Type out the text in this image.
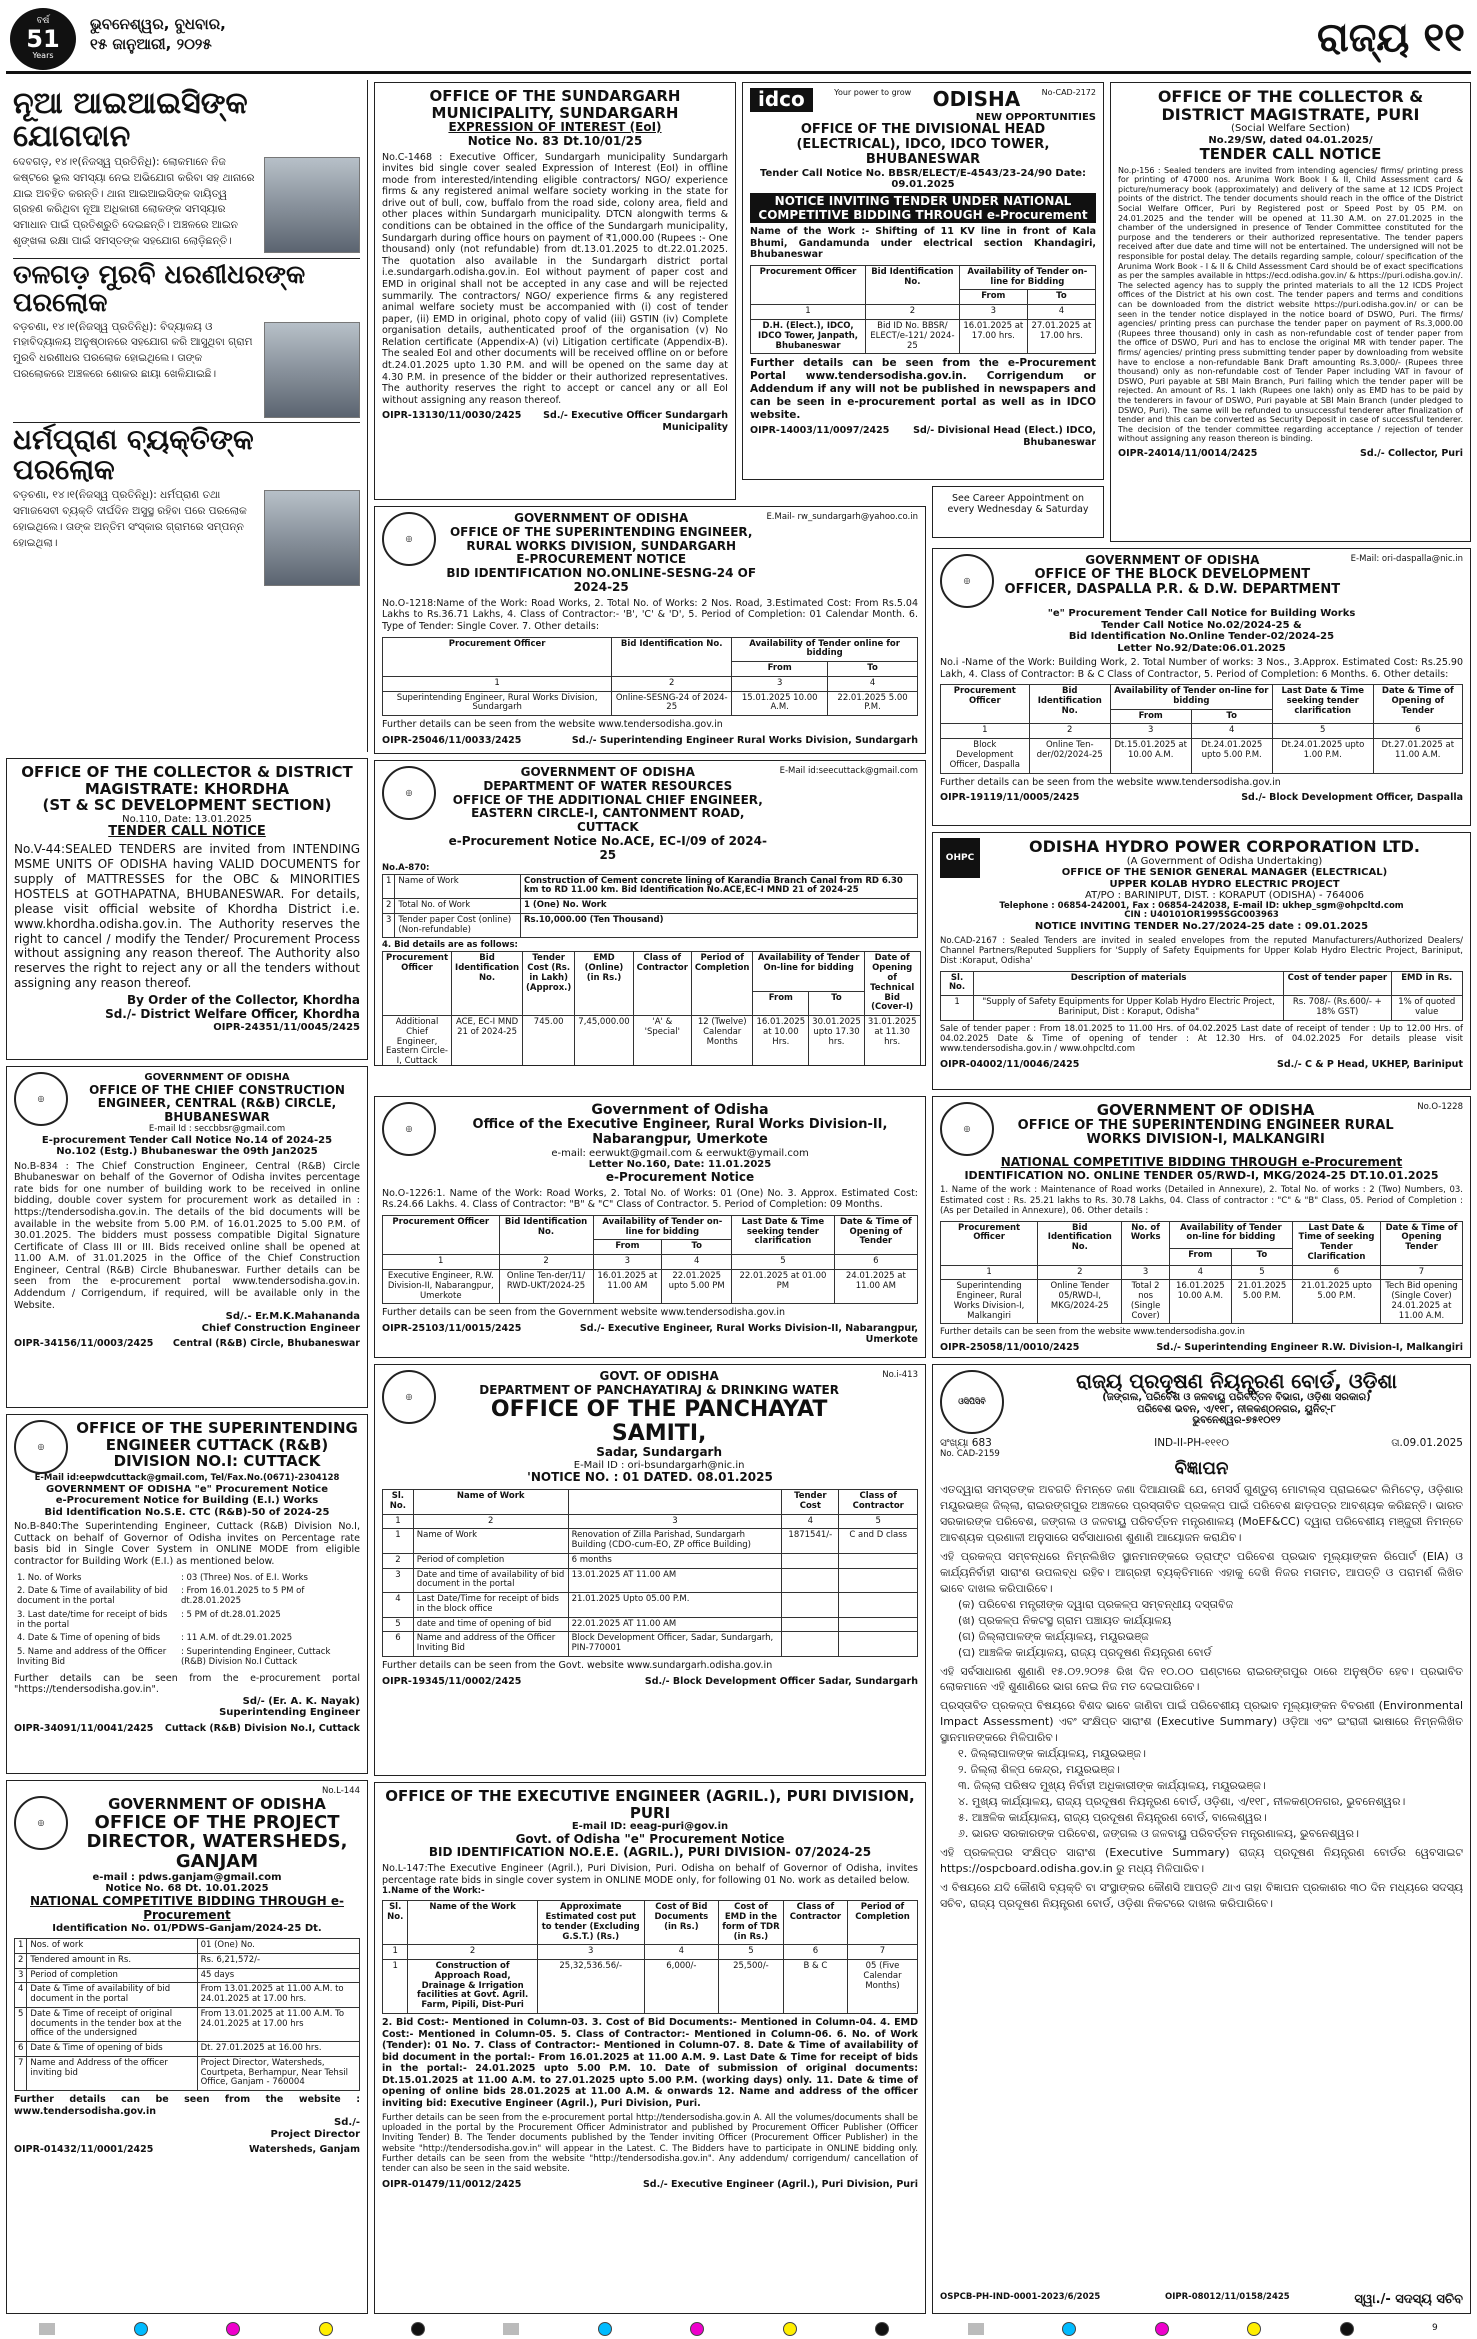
ବର୍ଷ
51
Years
ଭୁବନେଶ୍ୱର, ବୁଧବାର,
୧୫ ଜାନୁଆରୀ, ୨୦୨୫	ରାଜ୍ୟ ୧୧
ନୂଆ ଆଇଆଇସିଙ୍କ ଯୋଗଦାନ
ଦେବଗଡ଼, ୧୪।୧(ନିଜସ୍ୱ ପ୍ରତିନିଧି): ଲୋକମାନେ ନିଜ କଷ୍ଟରେ ଭୂଲ ସମସ୍ୟା ନେଇ ଅଭିଯୋଗ କରିବା ସହ ଥାନାରେ ଯାଇ ଅବହିତ କରନ୍ତି। ଥାନା ଆଇଆଇସିଙ୍କ ଦାୟିତ୍ୱ ଗ୍ରହଣ କରିଥିବା ନୂଆ ଅଧିକାରୀ ଲୋକଙ୍କ ସମସ୍ୟାର ସମାଧାନ ପାଇଁ ପ୍ରତିଶ୍ରୁତି ଦେଇଛନ୍ତି। ଅଞ୍ଚଳରେ ଆଇନ ଶୃଙ୍ଖଳା ରକ୍ଷା ପାଇଁ ସମସ୍ତଙ୍କ ସହଯୋଗ ଲୋଡ଼ିଛନ୍ତି।
ତଳଗଡ଼ ମୁରବି ଧରଣୀଧରଙ୍କ ପରଲୋକ
ବଡ଼ଚଣା, ୧୪।୧(ନିଜସ୍ୱ ପ୍ରତିନିଧି): ବିଦ୍ୟାଳୟ ଓ ମହାବିଦ୍ୟାଳୟ ଅନୁଷ୍ଠାନରେ ସହଯୋଗ କରି ଆସୁଥିବା ଗ୍ରାମ ମୁରବି ଧରଣୀଧର ପରଲୋକ ହୋଇଥିଲେ। ତାଙ୍କ ପରଲୋକରେ ଅଞ୍ଚଳରେ ଶୋକର ଛାୟା ଖେଳିଯାଇଛି।
ଧର୍ମପ୍ରାଣ ବ୍ୟକ୍ତିଙ୍କ ପରଲୋକ
ବଡ଼ଚଣା, ୧୪।୧(ନିଜସ୍ୱ ପ୍ରତିନିଧି): ଧର୍ମପ୍ରାଣ ତଥା ସମାଜସେବୀ ବ୍ୟକ୍ତି ଦୀର୍ଘଦିନ ଅସୁସ୍ଥ ରହିବା ପରେ ପରଲୋକ ହୋଇଥିଲେ। ତାଙ୍କ ଅନ୍ତିମ ସଂସ୍କାର ଗ୍ରାମରେ ସମ୍ପନ୍ନ ହୋଇଥିଲା।
OFFICE OF THE SUNDARGARH MUNICIPALITY, SUNDARGARH
EXPRESSION OF INTEREST (EoI)
Notice No. 83 Dt.10/01/25
No.C-1468 : Executive Officer, Sundargarh municipality Sundargarh invites bid single cover sealed Expression of Interest (EoI) in offline mode from interested/intending eligible contractors/ NGO/ experience firms & any registered animal welfare society working in the state for drive out of bull, cow, buffalo from the road side, colony area, field and other places within Sundargarh municipality. DTCN alongwith terms & conditions can be obtained in the office of the Sundargarh municipality, Sundargarh during office hours on payment of ₹1,000.00 (Rupees :- One thousand) only (not refundable) from dt.13.01.2025 to dt.22.01.2025. The quotation also available in the Sundargarh district portal i.e.sundargarh.odisha.gov.in. EoI without payment of paper cost and EMD in original shall not be accepted in any case and will be rejected summarily. The contractors/ NGO/ experience firms & any registered animal welfare society must be accompanied with (i) cost of tender paper, (ii) EMD in original, photo copy of valid (iii) GSTIN (iv) Complete organisation details, authenticated proof of the organisation (v) No Relation certificate (Appendix-A) (vi) Litigation certificate (Appendix-B). The sealed EoI and other documents will be received offline on or before dt.24.01.2025 upto 1.30 P.M. and will be opened on the same day at 4.30 P.M. in presence of the bidder or their authorized representatives. The authority reserves the right to accept or cancel any or all EoI without assigning any reason thereof.
OIPR-13130/11/0030/2425	Sd./- Executive Officer Sundargarh Municipality
idco	Your power to grow ODISHA	No-CAD-2172
NEW OPPORTUNITIES
OFFICE OF THE DIVISIONAL HEAD (ELECTRICAL), IDCO, IDCO TOWER, BHUBANESWAR
Tender Call Notice No. BBSR/ELECT/E-4543/23-24/90 Date: 09.01.2025
NOTICE INVITING TENDER UNDER NATIONAL COMPETITIVE BIDDING THROUGH e-Procurement
Name of the Work :- Shifting of 11 KV line in front of Kala Bhumi, Gandamunda under electrical section Khandagiri, Bhubaneswar
Procurement Officer	Bid Identification No.	Availability of Tender on-line for Bidding	
		From	To
1	2	3	4
D.H. (Elect.), IDCO, IDCO Tower, Janpath, Bhubaneswar	Bid ID No. BBSR/ ELECT/e-121/ 2024-25	16.01.2025 at 17.00 hrs.	27.01.2025 at 17.00 hrs.
Further details can be seen from the e-Procurement Portal www.tendersodisha.gov.in. Corrigendum or Addendum if any will not be published in newspapers and can be seen in e-procurement portal as well as in IDCO website.
OIPR-14003/11/0097/2425	Sd/- Divisional Head (Elect.) IDCO, Bhubaneswar
See Career Appointment on every Wednesday & Saturday
OFFICE OF THE COLLECTOR & DISTRICT MAGISTRATE, PURI
(Social Welfare Section)
No.29/SW, dated 04.01.2025/
TENDER CALL NOTICE
No.p-156 : Sealed tenders are invited from intending agencies/ firms/ printing press for printing of 47000 nos. Arunima Work Book I & II, Child Assessment card & picture/numeracy book (approximately) and delivery of the same at 12 ICDS Project points of the district. The tender documents should reach in the office of the District Social Welfare Officer, Puri by Registered post or Speed Post by 05 P.M. on 24.01.2025 and the tender will be opened at 11.30 A.M. on 27.01.2025 in the chamber of the undersigned in presence of Tender Committee constituted for the purpose and the tenderers or their authorized representative. The tender papers received after due date and time will not be entertained. The undersigned will not be responsible for postal delay. The details regarding sample, colour/ specification of the Arunima Work Book - I & II & Child Assessment Card should be of exact specifications as per the samples available in https://ecd.odisha.gov.in/ & https://puri.odisha.gov.in/. The selected agency has to supply the printed materials to all the 12 ICDS Project offices of the District at his own cost. The tender papers and terms and conditions can be downloaded from the district website https://puri.odisha.gov.in/ or can be seen in the tender notice displayed in the notice board of DSWO, Puri. The firms/ agencies/ printing press can purchase the tender paper on payment of Rs.3,000.00 (Rupees three thousand) only in cash as non-refundable cost of tender paper from the office of DSWO, Puri and has to enclose the original MR with tender paper. The firms/ agencies/ printing press submitting tender paper by downloading from website have to enclose a non-refundable Bank Draft amounting Rs.3,000/- (Rupees three thousand) only as non-refundable cost of Tender Paper including VAT in favour of DSWO, Puri payable at SBI Main Branch, Puri failing which the tender paper will be rejected. An amount of Rs. 1 lakh (Rupees one lakh) only as EMD has to be paid by the tenderers in favour of DSWO, Puri payable at SBI Main Branch (under pledged to DSWO, Puri). The same will be refunded to unsuccessful tenderer after finalization of tender and this can be converted as Security Deposit in case of successful tenderer. The decision of the tender committee regarding acceptance / rejection of tender without assigning any reason thereon is binding.
OIPR-24014/11/0014/2425	Sd./- Collector, Puri
◎
GOVERNMENT OF ODISHA
OFFICE OF THE SUPERINTENDING ENGINEER, RURAL WORKS DIVISION, SUNDARGARH
E-PROCUREMENT NOTICE
BID IDENTIFICATION NO.ONLINE-SESNG-24 OF 2024-25
E.Mail- rw_sundargarh@yahoo.co.in
No.O-1218:Name of the Work: Road Works, 2. Total No. of Works: 2 Nos. Road, 3.Estimated Cost: From Rs.5.04 Lakhs to Rs.36.71 Lakhs, 4. Class of Contractor:- 'B', 'C' & 'D', 5. Period of Completion: 01 Calendar Month. 6. Type of Tender: Single Cover. 7. Other details:
Procurement Officer	Bid Identification No.	Availability of Tender online for bidding	
		From	To
1	2	3	4
Superintending Engineer, Rural Works Division, Sundargarh	Online-SESNG-24 of 2024-25	15.01.2025 10.00 A.M.	22.01.2025 5.00 P.M.
Further details can be seen from the website www.tendersodisha.gov.in
OIPR-25046/11/0033/2425	Sd./- Superintending Engineer Rural Works Division, Sundargarh
◎
GOVERNMENT OF ODISHA
OFFICE OF THE BLOCK DEVELOPMENT OFFICER, DASPALLA P.R. & D.W. DEPARTMENT
E-Mail: ori-daspalla@nic.in
"e" Procurement Tender Call Notice for Building Works
Tender Call Notice No.02/2024-25 &
Bid Identification No.Online Tender-02/2024-25
Letter No.92/Date:06.01.2025
No.i -Name of the Work: Building Work, 2. Total Number of works: 3 Nos., 3.Approx. Estimated Cost: Rs.25.90 Lakh, 4. Class of Contractor: B & C Class of Contractor, 5. Period of Completion: 6 Months. 6. Other details:
Procurement Officer	Bid Identification No.	Availability of Tender on-line for bidding		Last Date & Time seeking tender clarification	Date & Time of Opening of Tender
		From	To		
1	2	3	4	5	6
Block Development Officer, Daspalla	Online Ten-der/02/2024-25	Dt.15.01.2025 at 10.00 A.M.	Dt.24.01.2025 upto 5.00 P.M.	Dt.24.01.2025 upto 1.00 P.M.	Dt.27.01.2025 at 11.00 A.M.
Further details can be seen from the website www.tendersodisha.gov.in
OIPR-19119/11/0005/2425	Sd./- Block Development Officer, Daspalla
OFFICE OF THE COLLECTOR & DISTRICT MAGISTRATE: KHORDHA
(ST & SC DEVELOPMENT SECTION)
No.110, Date: 13.01.2025
TENDER CALL NOTICE
No.V-44:SEALED TENDERS are invited from INTENDING MSME UNITS OF ODISHA having VALID DOCUMENTS for supply of MATTRESSES for the OBC & MINORITIES HOSTELS at GOTHAPATNA, BHUBANESWAR. For details, please visit official website of Khordha District i.e. www.khordha.odisha.gov.in. The Authority reserves the right to cancel / modify the Tender/ Procurement Process without assigning any reason thereof. The Authority also reserves the right to reject any or all the tenders without assigning any reason thereof.
By Order of the Collector, Khordha
Sd./- District Welfare Officer, Khordha
OIPR-24351/11/0045/2425
◎
GOVERNMENT OF ODISHA
DEPARTMENT OF WATER RESOURCES
OFFICE OF THE ADDITIONAL CHIEF ENGINEER, EASTERN CIRCLE-I, CANTONMENT ROAD, CUTTACK
e-Procurement Notice No.ACE, EC-I/09 of 2024-25
E-Mail id:seecuttack@gmail.com
No.A-870:
1	Name of Work	Construction of Cement concrete lining of Karandia Branch Canal from RD 6.30 km to RD 11.00 km. Bid Identification No.ACE,EC-I MND 21 of 2024-25
2	Total No. of Work	1 (One) No. Work
3	Tender paper Cost (online) (Non-refundable)	Rs.10,000.00 (Ten Thousand)
4. Bid details are as follows:
Procurement Officer	Bid Identification No.	Tender Cost (Rs. in Lakh) (Approx.)	EMD (Online) (in Rs.)	Class of Contractor	Period of Completion	Availability of Tender On-line for bidding		Date of Opening of Technical Bid (Cover-I)
						From	To	
Additional Chief Engineer, Eastern Circle-I, Cuttack	ACE, EC-I MND 21 of 2024-25	745.00	7,45,000.00	'A' & 'Special'	12 (Twelve) Calendar Months	16.01.2025 at 10.00 Hrs.	30.01.2025 upto 17.30 hrs.	31.01.2025 at 11.30 hrs.
OHPC
ODISHA HYDRO POWER CORPORATION LTD.
(A Government of Odisha Undertaking)
OFFICE OF THE SENIOR GENERAL MANAGER (ELECTRICAL)
UPPER KOLAB HYDRO ELECTRIC PROJECT
AT/PO : BARINIPUT, DIST. : KORAPUT (ODISHA) - 764006
Telephone : 06854-242001, Fax : 06854-242038, E-mail ID: ukhep_sgm@ohpcltd.com
CIN : U40101OR1995SGC003963
NOTICE INVITING TENDER No.27/2024-25 date : 09.01.2025
No.CAD-2167 : Sealed Tenders are invited in sealed envelopes from the reputed Manufacturers/Authorized Dealers/ Channel Partners/Reputed Suppliers for 'Supply of Safety Equipments for Upper Kolab Hydro Electric Project, Bariniput, Dist :Koraput, Odisha'
Sl. No.	Description of materials	Cost of tender paper	EMD in Rs.
1	"Supply of Safety Equipments for Upper Kolab Hydro Electric Project, Bariniput, Dist : Koraput, Odisha"	Rs. 708/- (Rs.600/- + 18% GST)	1% of quoted value
Sale of tender paper : From 18.01.2025 to 11.00 Hrs. of 04.02.2025 Last date of receipt of tender : Up to 12.00 Hrs. of 04.02.2025 Date & Time of opening of tender : At 12.30 Hrs. of 04.02.2025 For details please visit www.tendersodisha.gov.in / www.ohpcltd.com
OIPR-04002/11/0046/2425	Sd./- C & P Head, UKHEP, Bariniput
◎
GOVERNMENT OF ODISHA
OFFICE OF THE CHIEF CONSTRUCTION ENGINEER, CENTRAL (R&B) CIRCLE, BHUBANESWAR
E-mail Id : seccbbsr@gmail.com
E-procurement Tender Call Notice No.14 of 2024-25
No.102 (Estg.) Bhubaneswar the 09th Jan2025
No.B-834 : The Chief Construction Engineer, Central (R&B) Circle Bhubaneswar on behalf of the Governor of Odisha invites percentage rate bids for one number of building work to be received in online bidding, double cover system for procurement work as detailed in : https://tendersodisha.gov.in. The details of the bid documents will be available in the website from 5.00 P.M. of 16.01.2025 to 5.00 P.M. of 30.01.2025. The bidders must possess compatible Digital Signature Certificate of Class III or III. Bids received online shall be opened at 11.00 A.M. of 31.01.2025 in the Office of the Chief Construction Engineer, Central (R&B) Circle Bhubaneswar. Further details can be seen from the e-procurement portal www.tendersodisha.gov.in. Addendum / Corrigendum, if required, will be available only in the Website.
Sd/.- Er.M.K.Mahananda
Chief Construction Engineer
OIPR-34156/11/0003/2425 Central (R&B) Circle, Bhubaneswar
◎
Government of Odisha
Office of the Executive Engineer, Rural Works Division-II, Nabarangpur, Umerkote
e-mail: eerwukt@gmail.com & eerwukt@ymail.com
Letter No.160, Date: 11.01.2025
e-Procurement Notice
No.O-1226:1. Name of the Work: Road Works, 2. Total No. of Works: 01 (One) No. 3. Approx. Estimated Cost: Rs.24.66 Lakhs. 4. Class of Contractor: "B" & "C" Class of Contractor. 5. Period of Completion: 09 Months.
Procurement Officer	Bid Identification No.	Availability of Tender on-line for bidding		Last Date & Time seeking tender clarification	Date & Time of Opening of Tender
		From	To		
1	2	3	4	5	6
Executive Engineer, R.W. Division-II, Nabarangpur, Umerkote	Online Ten-der/11/ RWD-UKT/2024-25	16.01.2025 at 11.00 AM	22.01.2025 upto 5.00 PM	22.01.2025 at 01.00 PM	24.01.2025 at 11.00 AM
Further details can be seen from the Government website www.tendersodisha.gov.in
OIPR-25103/11/0015/2425	Sd./- Executive Engineer, Rural Works Division-II, Nabarangpur, Umerkote
◎
GOVERNMENT OF ODISHA
OFFICE OF THE SUPERINTENDING ENGINEER RURAL WORKS DIVISION-I, MALKANGIRI
No.O-1228
NATIONAL COMPETITIVE BIDDING THROUGH e-Procurement
IDENTIFICATION NO. ONLINE TENDER 05/RWD-I, MKG/2024-25 DT.10.01.2025
1. Name of the work : Maintenance of Road works (Detailed in Annexure), 2. Total No. of works : 2 (Two) Numbers, 03. Estimated cost : Rs. 25.21 lakhs to Rs. 30.78 Lakhs, 04. Class of contractor : "C" & "B" Class, 05. Period of Completion : (As per Detailed in Annexure), 06. Other details :
Procurement Officer	Bid Identification No.	No. of Works	Availability of Tender on-line for bidding		Last Date & Time of seeking Tender Clarification	Date & Time of Opening Tender
			From	To		
1	2	3	4	5	6	7
Superintending Engineer, Rural Works Division-I, Malkangiri	Online Tender 05/RWD-I, MKG/2024-25	Total 2 nos (Single Cover)	16.01.2025 10.00 A.M.	21.01.2025 5.00 P.M.	21.01.2025 upto 5.00 P.M.	Tech Bid opening (Single Cover) 24.01.2025 at 11.00 A.M.
Further details can be seen from the website www.tendersodisha.gov.in
OIPR-25058/11/0010/2425	Sd./- Superintending Engineer R.W. Division-I, Malkangiri
◎
OFFICE OF THE SUPERINTENDING ENGINEER CUTTACK (R&B) DIVISION NO.I: CUTTACK
E-Mail id:eepwdcuttack@gmail.com, Tel/Fax.No.(0671)-2304128
GOVERNMENT OF ODISHA "e" Procurement Notice
e-Procurement Notice for Building (E.I.) Works
Bid Identification No.S.E. CTC (R&B)-50 of 2024-25
No.B-840:The Superintending Engineer, Cuttack (R&B) Division No.I, Cuttack on behalf of Governor of Odisha invites on Percentage rate basis bid in Single Cover System in ONLINE MODE from eligible contractor for Building Work (E.I.) as mentioned below.
1. No. of Works	: 03 (Three) Nos. of E.I. Works
2. Date & Time of availability of bid document in the portal	: From 16.01.2025 to 5 PM of dt.28.01.2025
3. Last date/time for receipt of bids in the portal	: 5 PM of dt.28.01.2025
4. Date & Time of opening of bids	: 11 A.M. of dt.29.01.2025
5. Name and address of the Officer Inviting Bid	: Superintending Engineer, Cuttack (R&B) Division No.I Cuttack
Further details can be seen from the e-procurement portal "https://tendersodisha.gov.in".
Sd/- (Er. A. K. Nayak)
Superintending Engineer
OIPR-34091/11/0041/2425 Cuttack (R&B) Division No.I, Cuttack
◎
GOVT. OF ODISHA
DEPARTMENT OF PANCHAYATIRAJ & DRINKING WATER
OFFICE OF THE PANCHAYAT SAMITI,
Sadar, Sundargarh
E-Mail ID : ori-bsundargarh@nic.in
No.i-413
'NOTICE NO. : 01 DATED. 08.01.2025
Sl. No.	Name of Work		Tender Cost	Class of Contractor
1	2	3	4	5
1	Name of Work	Renovation of Zilla Parishad, Sundargarh Building (CDO-cum-EO, ZP office Building)	1871541/-	C and D class
2	Period of completion	6 months		
3	Date and time of availability of bid document in the portal	13.01.2025 AT 11.00 AM		
4	Last Date/Time for receipt of bids in the block office	21.01.2025 Upto 05.00 P.M.		
5	date and time of opening of bid	22.01.2025 AT 11.00 AM		
6	Name and address of the Officer Inviting Bid	Block Development Officer, Sadar, Sundargarh, PIN-770001		
Further details can be seen from the Govt. website www.sundargarh.odisha.gov.in
OIPR-19345/11/0002/2425	Sd./- Block Development Officer Sadar, Sundargarh
ଓସିପିସିବି
ରାଜ୍ୟ ପ୍ରଦୂଷଣ ନିୟନ୍ତ୍ରଣ ବୋର୍ଡ, ଓଡ଼ିଶା
(ଜଙ୍ଗଲ, ପରିବେଶ ଓ ଜଳବାୟୁ ପରିବର୍ତ୍ତନ ବିଭାଗ, ଓଡ଼ିଶା ସରକାର)
ପରିବେଶ ଭବନ, ଏ/୧୧୮, ନୀଳକଣ୍ଠନଗର, ୟୁନିଟ୍-୮
ଭୁବନେଶ୍ୱର-୭୫୧୦୧୨
ସଂଖ୍ୟା 683	IND-II-PH-୧୧୧୦	ତା.09.01.2025
No. CAD-2159
ବିଜ୍ଞାପନ
ଏତଦ୍ୱାରା ସମସ୍ତଙ୍କ ଅବଗତି ନିମନ୍ତେ ଜଣା ଦିଆଯାଉଛି ଯେ, ମେସର୍ସ ଗୁଣ୍ଡୁଚା ମୋଟାଲ୍ସ ପ୍ରାଇଭେଟ ଲିମିଟେଡ଼, ଓଡ଼ିଶାର ମୟୂରଭଞ୍ଜ ଜିଲ୍ଲା, ରାଇରଙ୍ଗପୁର ଅଞ୍ଚଳରେ ପ୍ରସ୍ତାବିତ ପ୍ରକଳ୍ପ ପାଇଁ ପରିବେଶ ଛାଡ଼ପତ୍ର ଆବଶ୍ୟକ କରିଛନ୍ତି। ଭାରତ ସରକାରଙ୍କ ପରିବେଶ, ଜଙ୍ଗଲ ଓ ଜଳବାୟୁ ପରିବର୍ତ୍ତନ ମନ୍ତ୍ରଣାଳୟ (MoEF&CC) ଦ୍ୱାରା ପରିବେଶୀୟ ମଞ୍ଜୁରୀ ନିମନ୍ତେ ଆବଶ୍ୟକ ପ୍ରଣାଳୀ ଅନୁସାରେ ସର୍ବସାଧାରଣ ଶୁଣାଣି ଆୟୋଜନ କରାଯିବ।
ଏହି ପ୍ରକଳ୍ପ ସମ୍ବନ୍ଧରେ ନିମ୍ନଲିଖିତ ସ୍ଥାନମାନଙ୍କରେ ଡ୍ରାଫ୍ଟ ପରିବେଶ ପ୍ରଭାବ ମୂଲ୍ୟାଙ୍କନ ରିପୋର୍ଟ (EIA) ଓ କାର୍ଯ୍ୟନିର୍ବାହୀ ସାରାଂଶ ଉପଲବ୍ଧ ରହିବ। ଆଗ୍ରହୀ ବ୍ୟକ୍ତିମାନେ ଏହାକୁ ଦେଖି ନିଜର ମତାମତ, ଆପତ୍ତି ଓ ପରାମର୍ଶ ଲିଖିତ ଭାବେ ଦାଖଲ କରିପାରିବେ।
(କ) ପରିବେଶ ମନ୍ତ୍ରୀଙ୍କ ଦ୍ୱାରା ପ୍ରକଳ୍ପ ସମ୍ବନ୍ଧୀୟ ଦସ୍ତାବିଜ
(ଖ) ପ୍ରକଳ୍ପ ନିକଟସ୍ଥ ଗ୍ରାମ ପଞ୍ଚାୟତ କାର୍ଯ୍ୟାଳୟ
(ଗ) ଜିଲ୍ଲାପାଳଙ୍କ କାର୍ଯ୍ୟାଳୟ, ମୟୂରଭଞ୍ଜ
(ଘ) ଆଞ୍ଚଳିକ କାର୍ଯ୍ୟାଳୟ, ରାଜ୍ୟ ପ୍ରଦୂଷଣ ନିୟନ୍ତ୍ରଣ ବୋର୍ଡ
ଏହି ସର୍ବସାଧାରଣ ଶୁଣାଣି ୧୫.୦୨.୨୦୨୫ ରିଖ ଦିନ ୧୦.୦୦ ଘଣ୍ଟାରେ ରାଇରଙ୍ଗପୁର ଠାରେ ଅନୁଷ୍ଠିତ ହେବ। ପ୍ରଭାବିତ ଲୋକମାନେ ଏହି ଶୁଣାଣିରେ ଭାଗ ନେଇ ନିଜ ମତ ଦେଇପାରିବେ।
ପ୍ରସ୍ତାବିତ ପ୍ରକଳ୍ପ ବିଷୟରେ ବିଶଦ ଭାବେ ଜାଣିବା ପାଇଁ ପରିବେଶୀୟ ପ୍ରଭାବ ମୂଲ୍ୟାଙ୍କନ ବିବରଣୀ (Environmental Impact Assessment) ଏବଂ ସଂକ୍ଷିପ୍ତ ସାରାଂଶ (Executive Summary) ଓଡ଼ିଆ ଏବଂ ଇଂରାଜୀ ଭାଷାରେ ନିମ୍ନଲିଖିତ ସ୍ଥାନମାନଙ୍କରେ ମିଳିପାରିବ।
୧. ଜିଲ୍ଲାପାଳଙ୍କ କାର୍ଯ୍ୟାଳୟ, ମୟୂରଭଞ୍ଜ।
୨. ଜିଲ୍ଲା ଶିଳ୍ପ କେନ୍ଦ୍ର, ମୟୂରଭଞ୍ଜ।
୩. ଜିଲ୍ଲା ପରିଷଦ ମୁଖ୍ୟ ନିର୍ବାହୀ ଅଧିକାରୀଙ୍କ କାର୍ଯ୍ୟାଳୟ, ମୟୂରଭଞ୍ଜ।
୪. ମୁଖ୍ୟ କାର୍ଯ୍ୟାଳୟ, ରାଜ୍ୟ ପ୍ରଦୂଷଣ ନିୟନ୍ତ୍ରଣ ବୋର୍ଡ, ଓଡ଼ିଶା, ଏ/୧୧୮, ନୀଳକଣ୍ଠନଗର, ଭୁବନେଶ୍ୱର।
୫. ଆଞ୍ଚଳିକ କାର୍ଯ୍ୟାଳୟ, ରାଜ୍ୟ ପ୍ରଦୂଷଣ ନିୟନ୍ତ୍ରଣ ବୋର୍ଡ, ବାଲେଶ୍ୱର।
୬. ଭାରତ ସରକାରଙ୍କ ପରିବେଶ, ଜଙ୍ଗଲ ଓ ଜଳବାୟୁ ପରିବର୍ତ୍ତନ ମନ୍ତ୍ରଣାଳୟ, ଭୁବନେଶ୍ୱର।
ଏହି ପ୍ରକଳ୍ପର ସଂକ୍ଷିପ୍ତ ସାରାଂଶ (Executive Summary) ରାଜ୍ୟ ପ୍ରଦୂଷଣ ନିୟନ୍ତ୍ରଣ ବୋର୍ଡର ୱେବସାଇଟ https://ospcboard.odisha.gov.in ରୁ ମଧ୍ୟ ମିଳିପାରିବ।
ଏ ବିଷୟରେ ଯଦି କୌଣସି ବ୍ୟକ୍ତି ବା ସଂସ୍ଥାଙ୍କର କୌଣସି ଆପତ୍ତି ଥାଏ ତାହା ବିଜ୍ଞାପନ ପ୍ରକାଶର ୩୦ ଦିନ ମଧ୍ୟରେ ସଦସ୍ୟ ସଚିବ, ରାଜ୍ୟ ପ୍ରଦୂଷଣ ନିୟନ୍ତ୍ରଣ ବୋର୍ଡ, ଓଡ଼ିଶା ନିକଟରେ ଦାଖଲ କରିପାରିବେ।
OSPCB-PH-IND-0001-2023/6/2025	OIPR-08012/11/0158/2425	ସ୍ୱା./- ସଦସ୍ୟ ସଚିବ
No.L-144
◎
GOVERNMENT OF ODISHA
OFFICE OF THE PROJECT DIRECTOR, WATERSHEDS, GANJAM
e-mail : pdws.ganjam@gmail.com
Notice No. 68 Dt. 10.01.2025
NATIONAL COMPETITIVE BIDDING THROUGH e-Procurement
Identification No. 01/PDWS-Ganjam/2024-25 Dt.
1	Nos. of work	01 (One) No.
2	Tendered amount in Rs.	Rs. 6,21,572/-
3	Period of completion	45 days
4	Date & Time of availability of bid document in the portal	From 13.01.2025 at 11.00 A.M. to 24.01.2025 at 17.00 hrs.
5	Date & Time of receipt of original documents in the tender box at the office of the undersigned	From 13.01.2025 at 11.00 A.M. To 24.01.2025 at 17.00 hrs
6	Date & Time of opening of bids	Dt. 27.01.2025 at 16.00 hrs.
7	Name and Address of the officer inviting bid	Project Director, Watersheds, Courtpeta, Berhampur, Near Tehsil Office, Ganjam - 760004
Further details can be seen from the website : www.tendersodisha.gov.in
Sd./-
Project Director
OIPR-01432/11/0001/2425	Watersheds, Ganjam
OFFICE OF THE EXECUTIVE ENGINEER (AGRIL.), PURI DIVISION, PURI
E-mail ID: eeag-puri@gov.in
Govt. of Odisha "e" Procurement Notice
BID IDENTIFICATION NO.E.E. (AGRIL.), PURI DIVISION- 07/2024-25
No.L-147:The Executive Engineer (Agril.), Puri Division, Puri. Odisha on behalf of Governor of Odisha, invites percentage rate bids in single cover system in ONLINE MODE only, for following 01 No. work as detailed below.
1.Name of the Work:-
Sl. No.	Name of the Work	Approximate Estimated cost put to tender (Excluding G.S.T.) (Rs.)	Cost of Bid Documents (in Rs.)	Cost of EMD in the form of TDR (in Rs.)	Class of Contractor	Period of Completion
1	2	3	4	5	6	7
1	Construction of Approach Road, Drainage & Irrigation facilities at Govt. Agril. Farm, Pipili, Dist-Puri	25,32,536.56/-	6,000/-	25,500/-	B & C	05 (Five Calendar Months)
2. Bid Cost:- Mentioned in Column-03. 3. Cost of Bid Documents:- Mentioned in Column-04. 4. EMD Cost:- Mentioned in Column-05. 5. Class of Contractor:- Mentioned in Column-06. 6. No. of Work (Tender): 01 No. 7. Class of Contractor:- Mentioned in Column-07. 8. Date & Time of availability of bid document in the portal:- From 16.01.2025 at 11.00 A.M. 9. Last Date & Time for receipt of bids in the portal:- 24.01.2025 upto 5.00 P.M. 10. Date of submission of original documents: Dt.15.01.2025 at 11.00 A.M. to 27.01.2025 upto 5.00 P.M. (working days) only. 11. Date & time of opening of online bids 28.01.2025 at 11.00 A.M. & onwards 12. Name and address of the officer inviting bid: Executive Engineer (Agril.), Puri Division, Puri.
Further details can be seen from the e-procurement portal http://tendersodisha.gov.in A. All the volumes/documents shall be uploaded in the portal by the Procurement Officer Administrator and published by Procurement Officer Publisher (Officer Inviting Tender) B. The Tender documents published by the Tender inviting Officer (Procurement Officer Publisher) in the website "http://tendersodisha.gov.in" will appear in the Latest. C. The Bidders have to participate in ONLINE bidding only. Further details can be seen from the website "http://tendersodisha.gov.in". Any addendum/ corrigendum/ cancellation of tender can also be seen in the said website.
OIPR-01479/11/0012/2425	Sd./- Executive Engineer (Agril.), Puri Division, Puri
9
